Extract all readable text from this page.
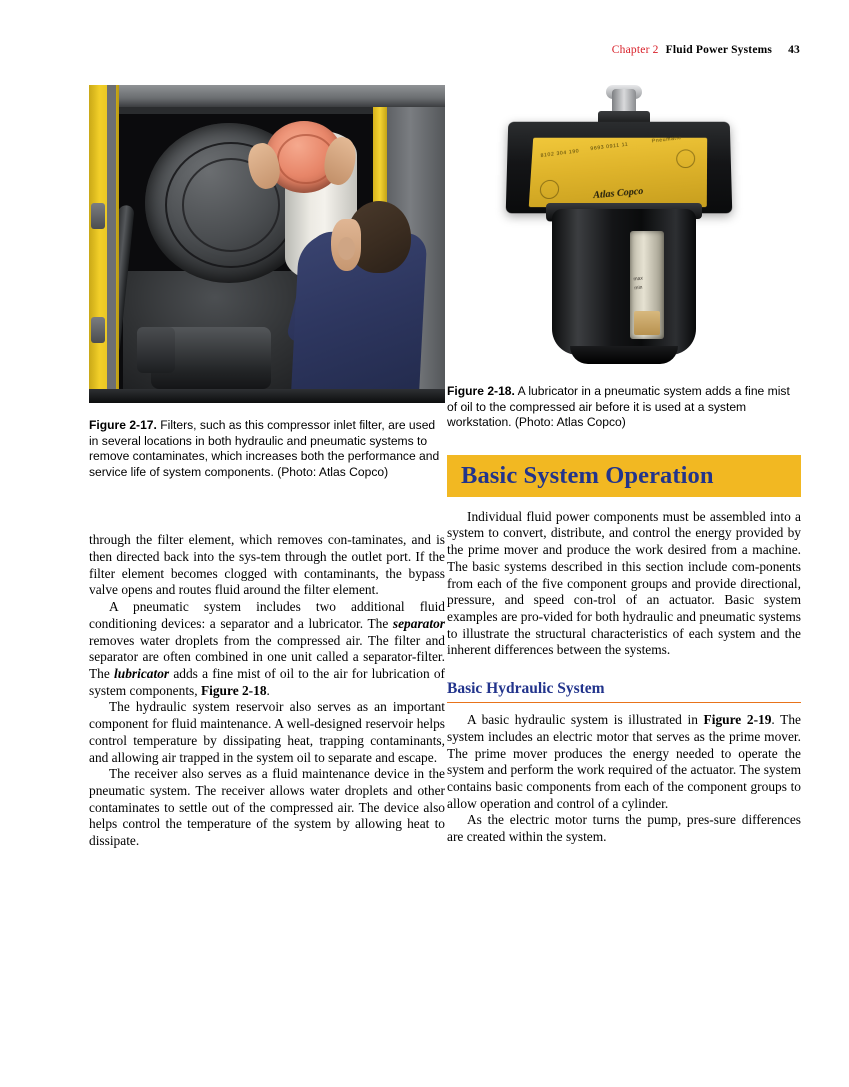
Chapter 2 Fluid Power Systems 43
Figure 2-17. Filters, such as this compressor inlet filter, are used in several locations in both hydraulic and pneumatic systems to remove contaminates, which increases both the performance and service life of system components. (Photo: Atlas Copco)

through the filter element, which removes con-taminates, and is then directed back into the sys-tem through the outlet port. If the filter element becomes clogged with contaminants, the bypass valve opens and routes fluid around the filter element.

A pneumatic system includes two additional fluid conditioning devices: a separator and a lubricator. The separator removes water droplets from the compressed air. The filter and separator are often combined in one unit called a separator-filter. The lubricator adds a fine mist of oil to the air for lubrication of system components, Figure 2-18.

The hydraulic system reservoir also serves as an important component for fluid maintenance. A well-designed reservoir helps control temperature by dissipating heat, trapping contaminants, and allowing air trapped in the system oil to separate and escape.

The receiver also serves as a fluid maintenance device in the pneumatic system. The receiver allows water droplets and other contaminates to settle out of the compressed air. The device also helps control the temperature of the system by allowing heat to dissipate.

8102 304 190
9693 0911 11
Pneumatic
Atlas Copco
max
min
Figure 2-18. A lubricator in a pneumatic system adds a fine mist of oil to the compressed air before it is used at a system workstation. (Photo: Atlas Copco)
Basic System Operation

Individual fluid power components must be assembled into a system to convert, distribute, and control the energy provided by the prime mover and produce the work desired from a machine. The basic systems described in this section include com-ponents from each of the five component groups and provide directional, pressure, and speed con-trol of an actuator. Basic system examples are pro-vided for both hydraulic and pneumatic systems to illustrate the structural characteristics of each system and the inherent differences between the systems.

Basic Hydraulic System

A basic hydraulic system is illustrated in Figure 2-19. The system includes an electric motor that serves as the prime mover. The prime mover produces the energy needed to operate the system and perform the work required of the actuator. The system contains basic components from each of the component groups to allow operation and control of a cylinder.

As the electric motor turns the pump, pres-sure differences are created within the system.
